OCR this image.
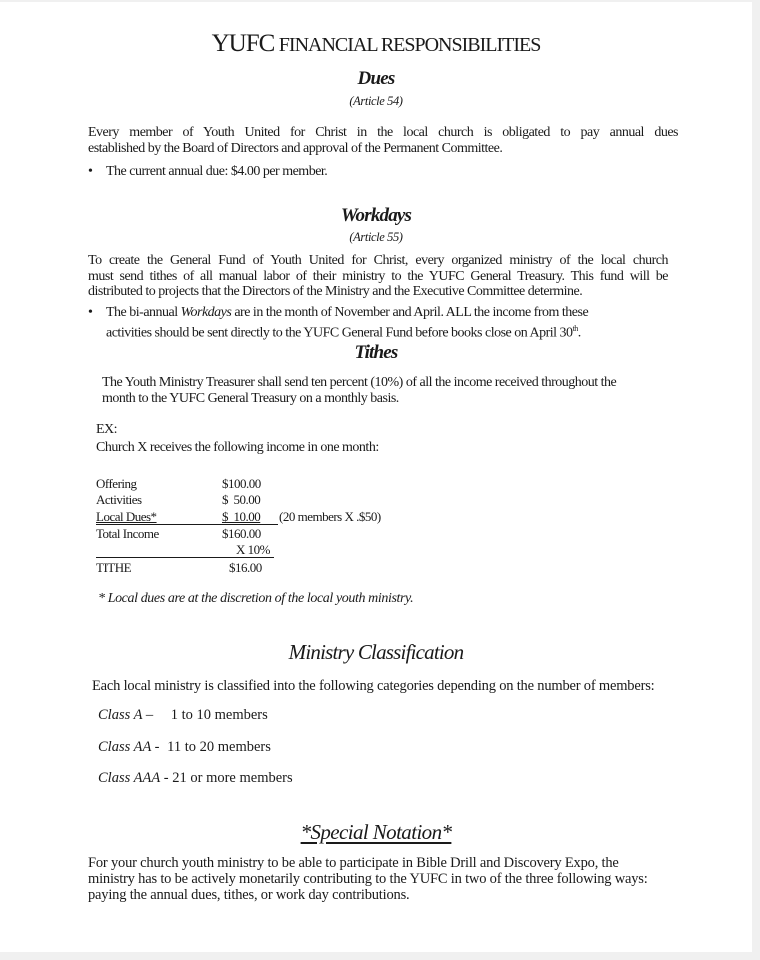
YUFC FINANCIAL RESPONSIBILITIES
Dues
(Article 54)

Every member of Youth United for Christ in the local church is obligated to pay annual dues

established by the Board of Directors and approval of the Permanent Committee.

• The current annual due: $4.00 per member.
Workdays
(Article 55)

To create the General Fund of Youth United for Christ, every organized ministry of the local church

must send tithes of all manual labor of their ministry to the YUFC General Treasury. This fund will be

distributed to projects that the Directors of the Ministry and the Executive Committee determine.

• The bi-annual Workdays are in the month of November and April. ALL the income from these
activities should be sent directly to the YUFC General Fund before books close on April 30th.
Tithes

The Youth Ministry Treasurer shall send ten percent (10%) of all the income received throughout the

month to the YUFC General Treasury on a monthly basis.

EX:
Church X receives the following income in one month:
Offering	$100.00
Activities	$  50.00
Local Dues*	$  10.00 (20 members X .$50)
Total Income	$160.00
X 10%
TITHE	$16.00
* Local dues are at the discretion of the local youth ministry.
Ministry Classification
Each local ministry is classified into the following categories depending on the number of members:
Class A – 1 to 10 members
Class AA - 11 to 20 members
Class AAA - 21 or more members
*Special Notation*
For your church youth ministry to be able to participate in Bible Drill and Discovery Expo, the
ministry has to be actively monetarily contributing to the YUFC in two of the three following ways:
paying the annual dues, tithes, or work day contributions.
